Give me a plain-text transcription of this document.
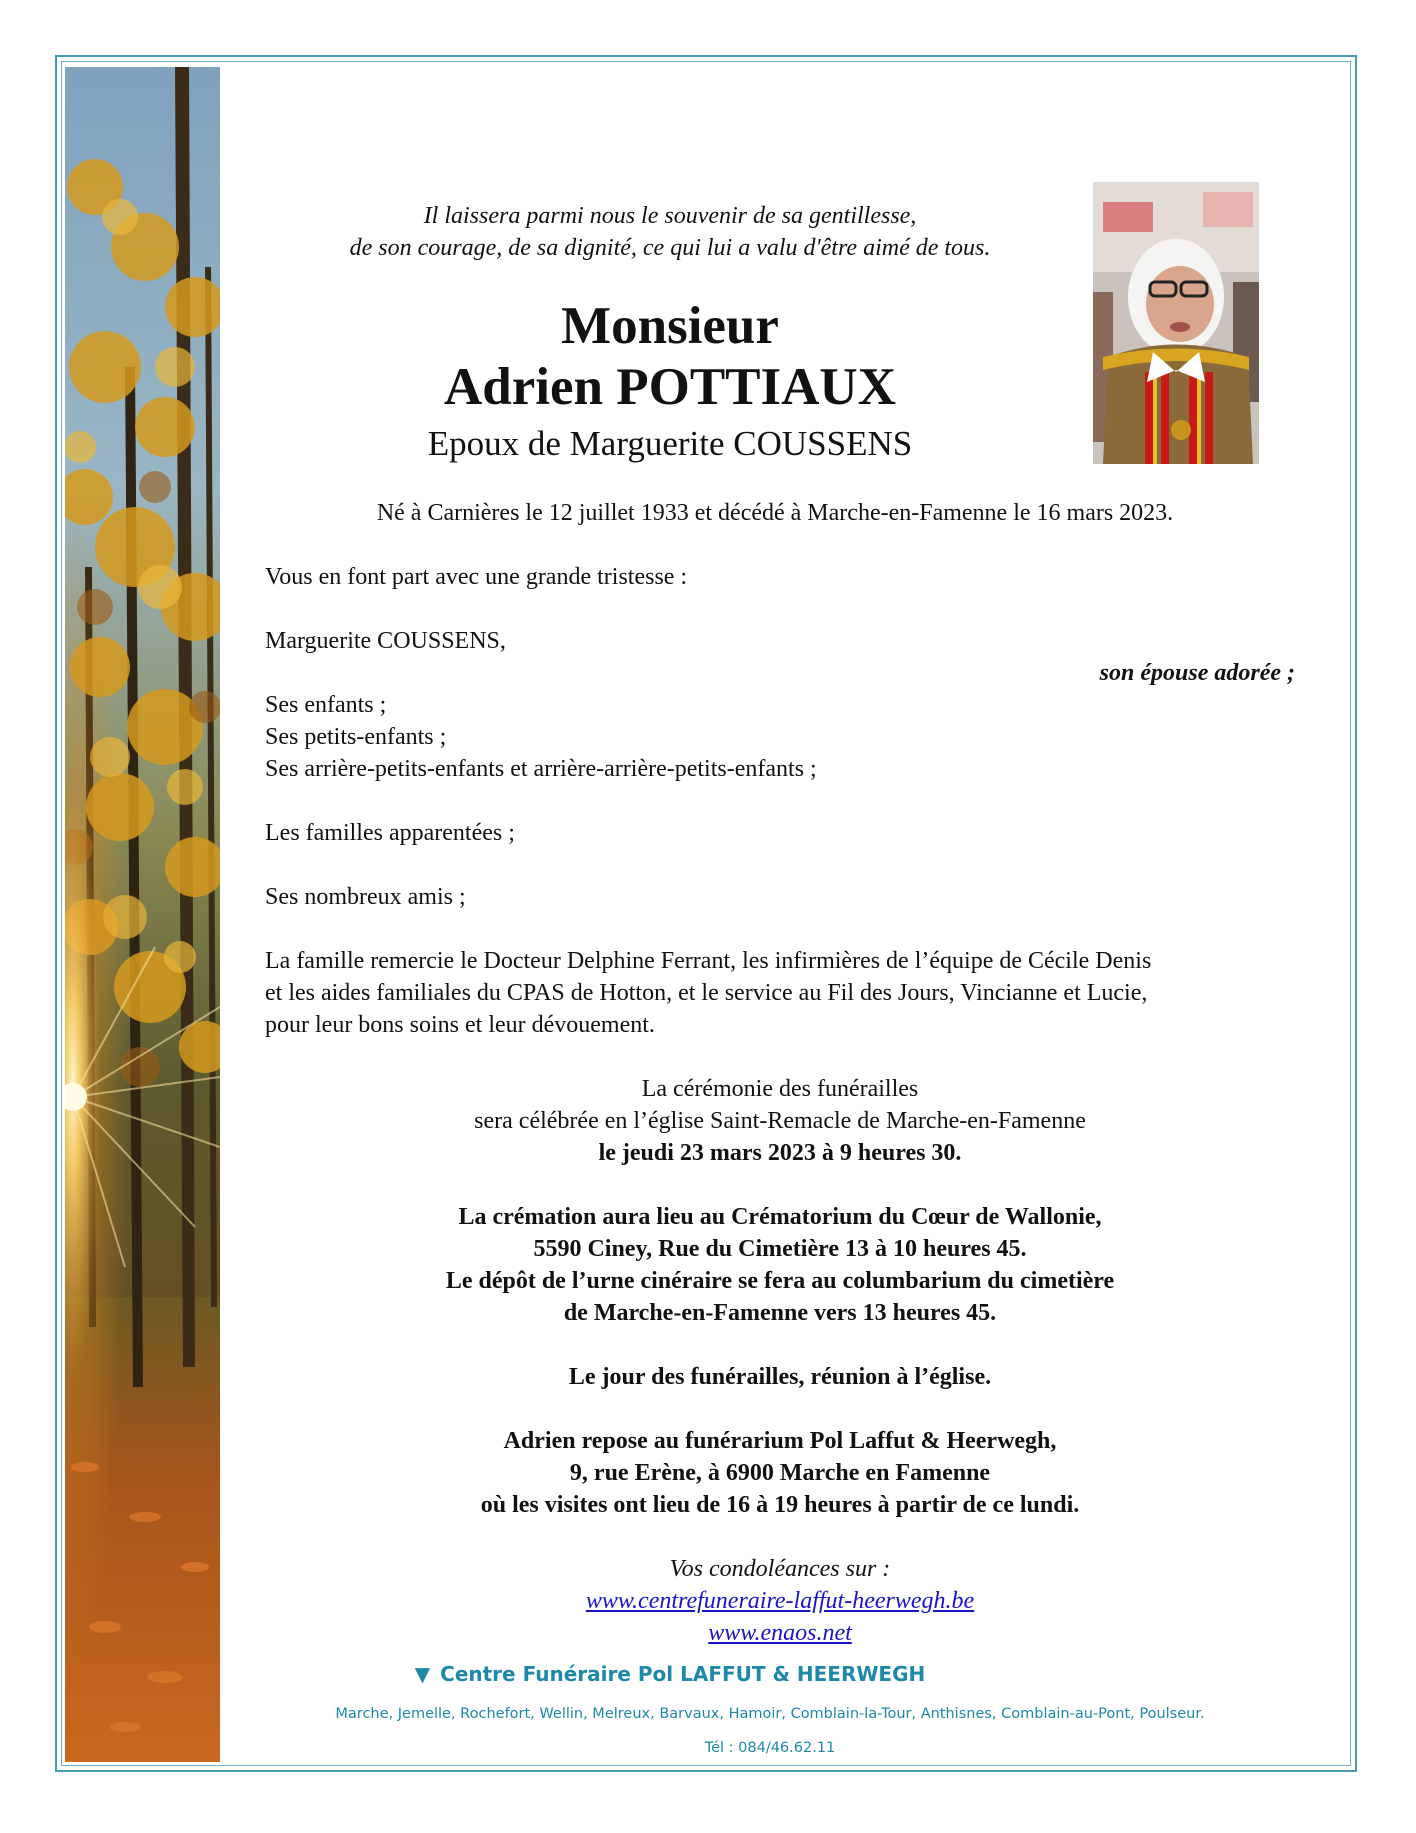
Il laissera parmi nous le souvenir de sa gentillesse,
de son courage, de sa dignité, ce qui lui a valu d'être aimé de tous.
Monsieur
Adrien POTTIAUX
Epoux de Marguerite COUSSENS
Né à Carnières le 12 juillet 1933 et décédé à Marche-en-Famenne le 16 mars 2023.
Vous en font part avec une grande tristesse :
Marguerite COUSSENS,
son épouse adorée ;
Ses enfants ;
Ses petits-enfants ;
Ses arrière-petits-enfants et arrière-arrière-petits-enfants ;
Les familles apparentées ;
Ses nombreux amis ;
La famille remercie le Docteur Delphine Ferrant, les infirmières de l’équipe de Cécile Denis
et les aides familiales du CPAS de Hotton, et le service au Fil des Jours, Vincianne et Lucie,
pour leur bons soins et leur dévouement.
La cérémonie des funérailles
sera célébrée en l’église Saint-Remacle de Marche-en-Famenne
le jeudi 23 mars 2023 à 9 heures 30.
La crémation aura lieu au Crématorium du Cœur de Wallonie,
5590 Ciney, Rue du Cimetière 13 à 10 heures 45.
Le dépôt de l’urne cinéraire se fera au columbarium du cimetière
de Marche-en-Famenne vers 13 heures 45.
Le jour des funérailles, réunion à l’église.
Adrien repose au funérarium Pol Laffut & Heerwegh,
9, rue Erène, à 6900 Marche en Famenne
où les visites ont lieu de 16 à 19 heures à partir de ce lundi.
Vos condoléances sur :
www.centrefuneraire-laffut-heerwegh.be
www.enaos.net
▼ Centre Funéraire Pol LAFFUT & HEERWEGH
Marche, Jemelle, Rochefort, Wellin, Melreux, Barvaux, Hamoir, Comblain-la-Tour, Anthisnes, Comblain-au-Pont, Poulseur.
Tél : 084/46.62.11
